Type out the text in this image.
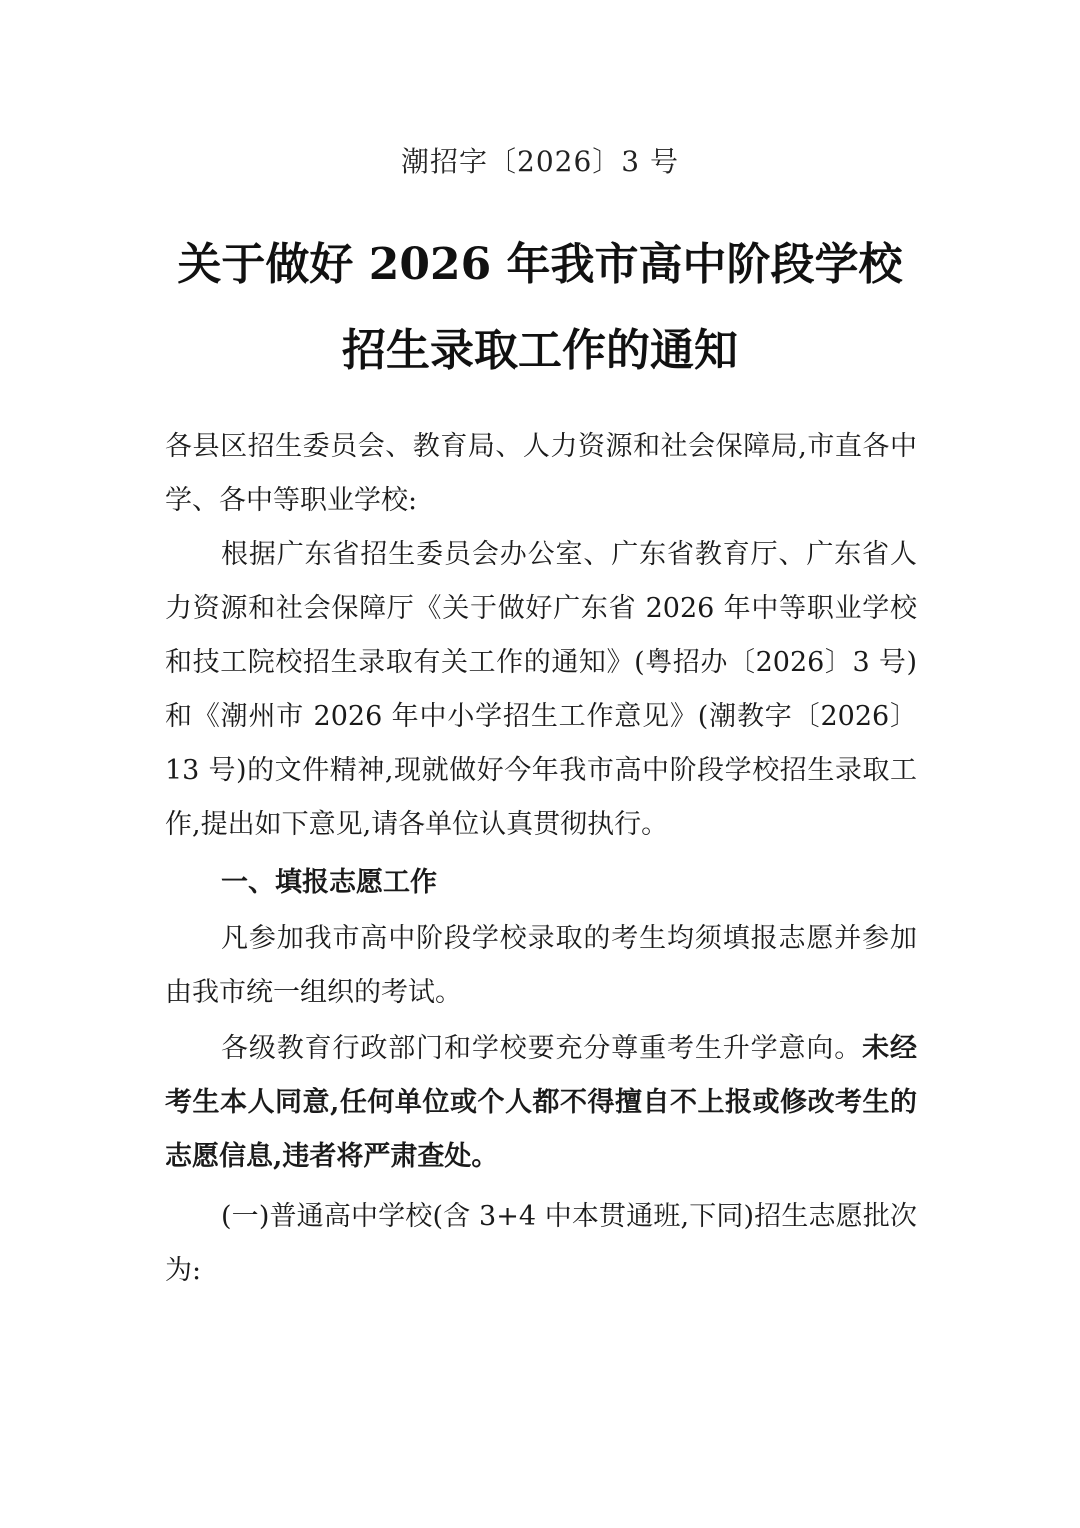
潮招字〔2026〕3 号
关于做好 2026 年我市高中阶段学校
招生录取工作的通知

各县区招生委员会、教育局、人力资源和社会保障局,市直各中学、各中等职业学校:

根据广东省招生委员会办公室、广东省教育厅、广东省人力资源和社会保障厅《关于做好广东省 2026 年中等职业学校和技工院校招生录取有关工作的通知》(粤招办〔2026〕3 号)和《潮州市 2026 年中小学招生工作意见》(潮教字〔2026〕13 号)的文件精神,现就做好今年我市高中阶段学校招生录取工作,提出如下意见,请各单位认真贯彻执行。

一、填报志愿工作

凡参加我市高中阶段学校录取的考生均须填报志愿并参加由我市统一组织的考试。

各级教育行政部门和学校要充分尊重考生升学意向。未经考生本人同意,任何单位或个人都不得擅自不上报或修改考生的志愿信息,违者将严肃查处。

(一)普通高中学校(含 3+4 中本贯通班,下同)招生志愿批次为:
